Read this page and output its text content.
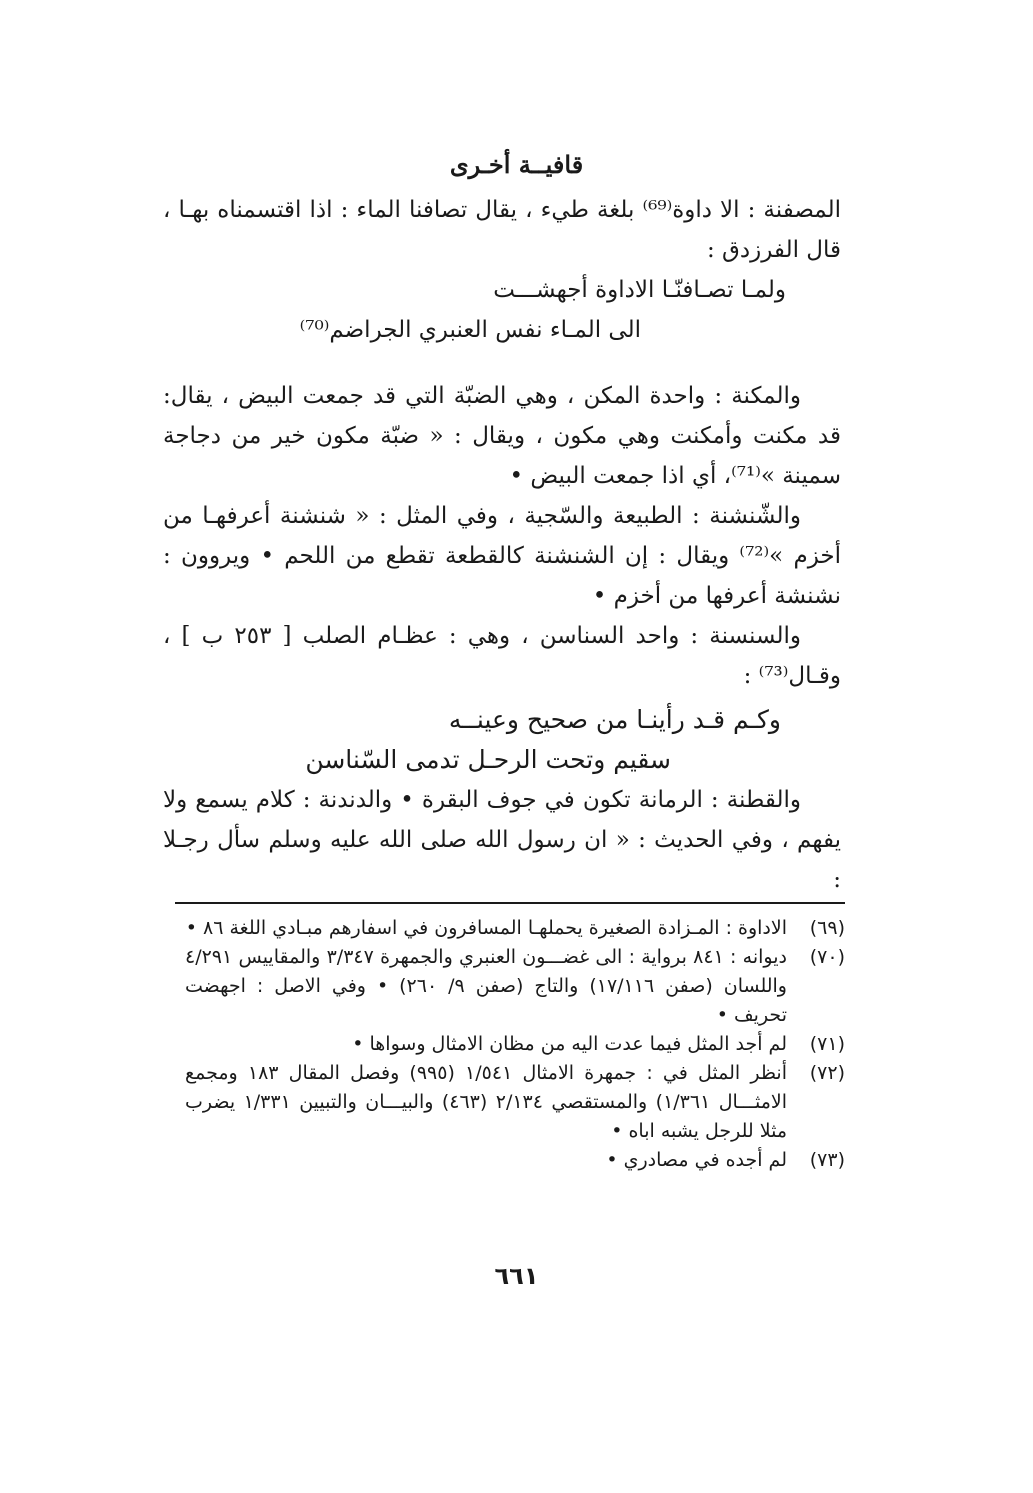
قافيــة أخـرى

المصفنة : الا داوة⁽⁶⁹⁾ بلغة طيء ، يقال تصافنا الماء : اذا اقتسمناه بهـا ، قال الفرزدق :

ولمـا تصـافنّـا الاداوة أجهشـــت

الى المـاء نفس العنبري الجراضم⁽⁷⁰⁾

والمكنة : واحدة المكن ، وهي الضبّة التي قد جمعت البيض ، يقال: قد مكنت وأمكنت وهي مكون ، ويقال : « ضبّة مكون خير من دجاجة سمينة »⁽⁷¹⁾، أي اذا جمعت البيض •

والشّنشنة : الطبيعة والسّجية ، وفي المثل : « شنشنة أعرفهـا من أخزم »⁽⁷²⁾ ويقال : إن الشنشنة كالقطعة تقطع من اللحم • ويروون : نشنشة أعرفها من أخزم •

والسنسنة : واحد السناسن ، وهي : عظـام الصلب [ ٢٥٣ ب ] ، وقـال⁽⁷³⁾ :

وكـم قـد رأينـا من صحيح وعينــه

سقيم وتحت الرحـل تدمى السّناسن

والقطنة : الرمانة تكون في جوف البقرة • والدندنة : كلام يسمع ولا يفهم ، وفي الحديث : « ان رسول الله صلى الله عليه وسلم سأل رجـلا :

(٦٩)
الاداوة : المـزادة الصغيرة يحملهـا المسافرون في اسفارهم مبـادي اللغة ٨٦ •
(٧٠)
ديوانه : ٨٤١ برواية : الى غضـــون العنبري والجمهرة ٣/٣٤٧ والمقاييس ٤/٢٩١ واللسان (صفن ١٧/١١٦) والتاج (صفن ٩/ ٢٦٠) • وفي الاصل : اجهضت تحريف •
(٧١)
لم أجد المثل فيما عدت اليه من مظان الامثال وسواها •
(٧٢)
أنظر المثل في : جمهرة الامثال ١/٥٤١ (٩٩٥) وفصل المقال ١٨٣ ومجمع الامثـــال ١/٣٦١) والمستقصي ٢/١٣٤ (٤٦٣) والبيـــان والتبيين ١/٣٣١ يضرب مثلا للرجل يشبه اباه •
(٧٣)
لم أجده في مصادري •
٦٦١
